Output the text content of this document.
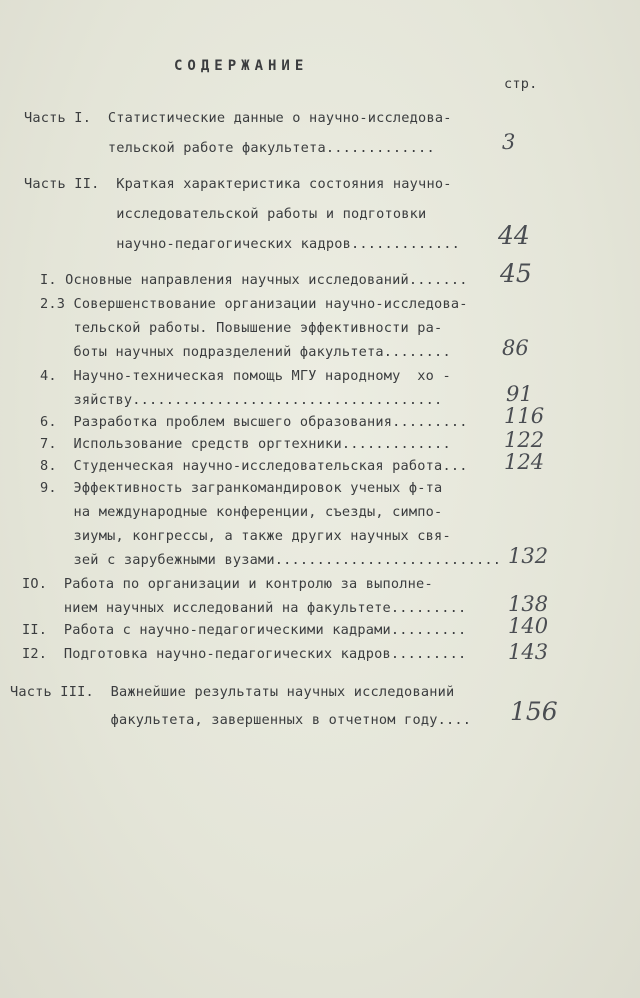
СОДЕРЖАНИЕ
стр.
Часть I.  Статистические данные о научно-исследова-
тельской работе факультета.............	3
Часть II.  Краткая характеристика состояния научно-
исследовательской работы и подготовки
научно-педагогических кадров............. 44
I. Основные направления научных исследований....... 45
2.3 Совершенствование организации научно-исследова-
тельской работы. Повышение эффективности ра-
боты научных подразделений факультета........ 86
4.  Научно-техническая помощь МГУ народному  хо -
зяйству.....................................	91
6.  Разработка проблем высшего образования......... 116
7.  Использование средств оргтехники.............	122
8.  Студенческая научно-исследовательская работа... 124
9.  Эффективность загранкомандировок ученых ф-та
на международные конференции, съезды, симпо-
зиумы, конгрессы, а также других научных свя-
зей с зарубежными вузами........................... 132
IO.  Работа по организации и контролю за выполне-
нием научных исследований на факультете......... 138
II.  Работа с научно-педагогическими кадрами......... 140
I2.  Подготовка научно-педагогических кадров......... 143
Часть III.  Важнейшие результаты научных исследований
факультета, завершенных в отчетном году.... 156
